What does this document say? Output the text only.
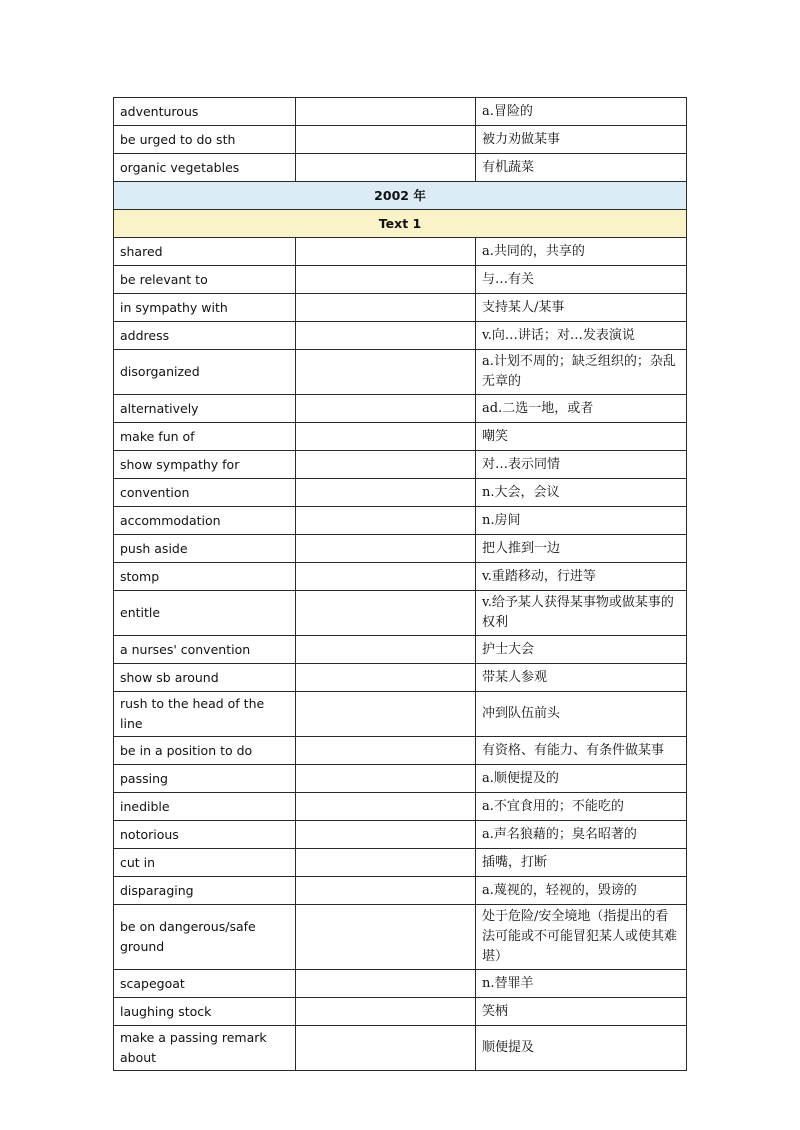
adventurous		a.冒险的
be urged to do sth		被力劝做某事
organic vegetables		有机蔬菜
2002 年		
Text 1		
shared		a.共同的，共享的
be relevant to		与…有关
in sympathy with		支持某人/某事
address		v.向…讲话；对…发表演说
disorganized		a.计划不周的；缺乏组织的；杂乱无章的
alternatively		ad.二选一地，或者
make fun of		嘲笑
show sympathy for		对…表示同情
convention		n.大会，会议
accommodation		n.房间
push aside		把人推到一边
stomp		v.重踏移动，行进等
entitle		v.给予某人获得某事物或做某事的权利
a nurses' convention		护士大会
show sb around		带某人参观
rush to the head of the line		冲到队伍前头
be in a position to do		有资格、有能力、有条件做某事
passing		a.顺便提及的
inedible		a.不宜食用的；不能吃的
notorious		a.声名狼藉的；臭名昭著的
cut in		插嘴，打断
disparaging		a.蔑视的，轻视的，毁谤的
be on dangerous/safe ground		处于危险/安全境地（指提出的看法可能或不可能冒犯某人或使其难堪）
scapegoat		n.替罪羊
laughing stock		笑柄
make a passing remark about		顺便提及
